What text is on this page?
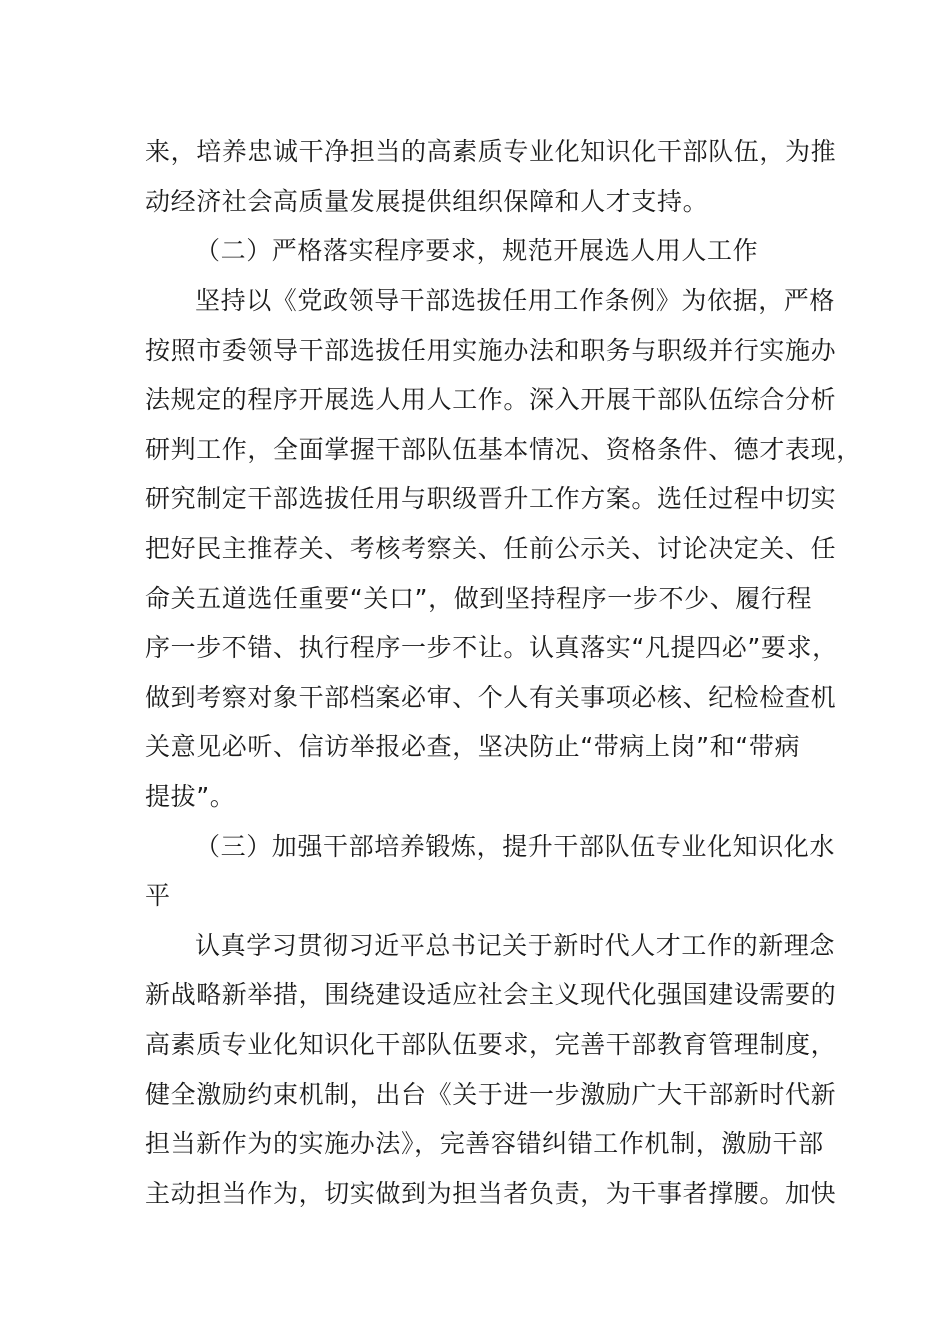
来，培养忠诚干净担当的高素质专业化知识化干部队伍，为推
动经济社会高质量发展提供组织保障和人才支持。
（二）严格落实程序要求，规范开展选人用人工作
坚持以《党政领导干部选拔任用工作条例》为依据，严格
按照市委领导干部选拔任用实施办法和职务与职级并行实施办
法规定的程序开展选人用人工作。深入开展干部队伍综合分析
研判工作，全面掌握干部队伍基本情况、资格条件、德才表现，
研究制定干部选拔任用与职级晋升工作方案。选任过程中切实
把好民主推荐关、考核考察关、任前公示关、讨论决定关、任
命关五道选任重要“关口”，做到坚持程序一步不少、履行程
序一步不错、执行程序一步不让。认真落实“凡提四必”要求，
做到考察对象干部档案必审、个人有关事项必核、纪检检查机
关意见必听、信访举报必查，坚决防止“带病上岗”和“带病
提拔”。
（三）加强干部培养锻炼，提升干部队伍专业化知识化水
平
认真学习贯彻习近平总书记关于新时代人才工作的新理念
新战略新举措，围绕建设适应社会主义现代化强国建设需要的
高素质专业化知识化干部队伍要求，完善干部教育管理制度，
健全激励约束机制，出台《关于进一步激励广大干部新时代新
担当新作为的实施办法》，完善容错纠错工作机制，激励干部
主动担当作为，切实做到为担当者负责，为干事者撑腰。加快
